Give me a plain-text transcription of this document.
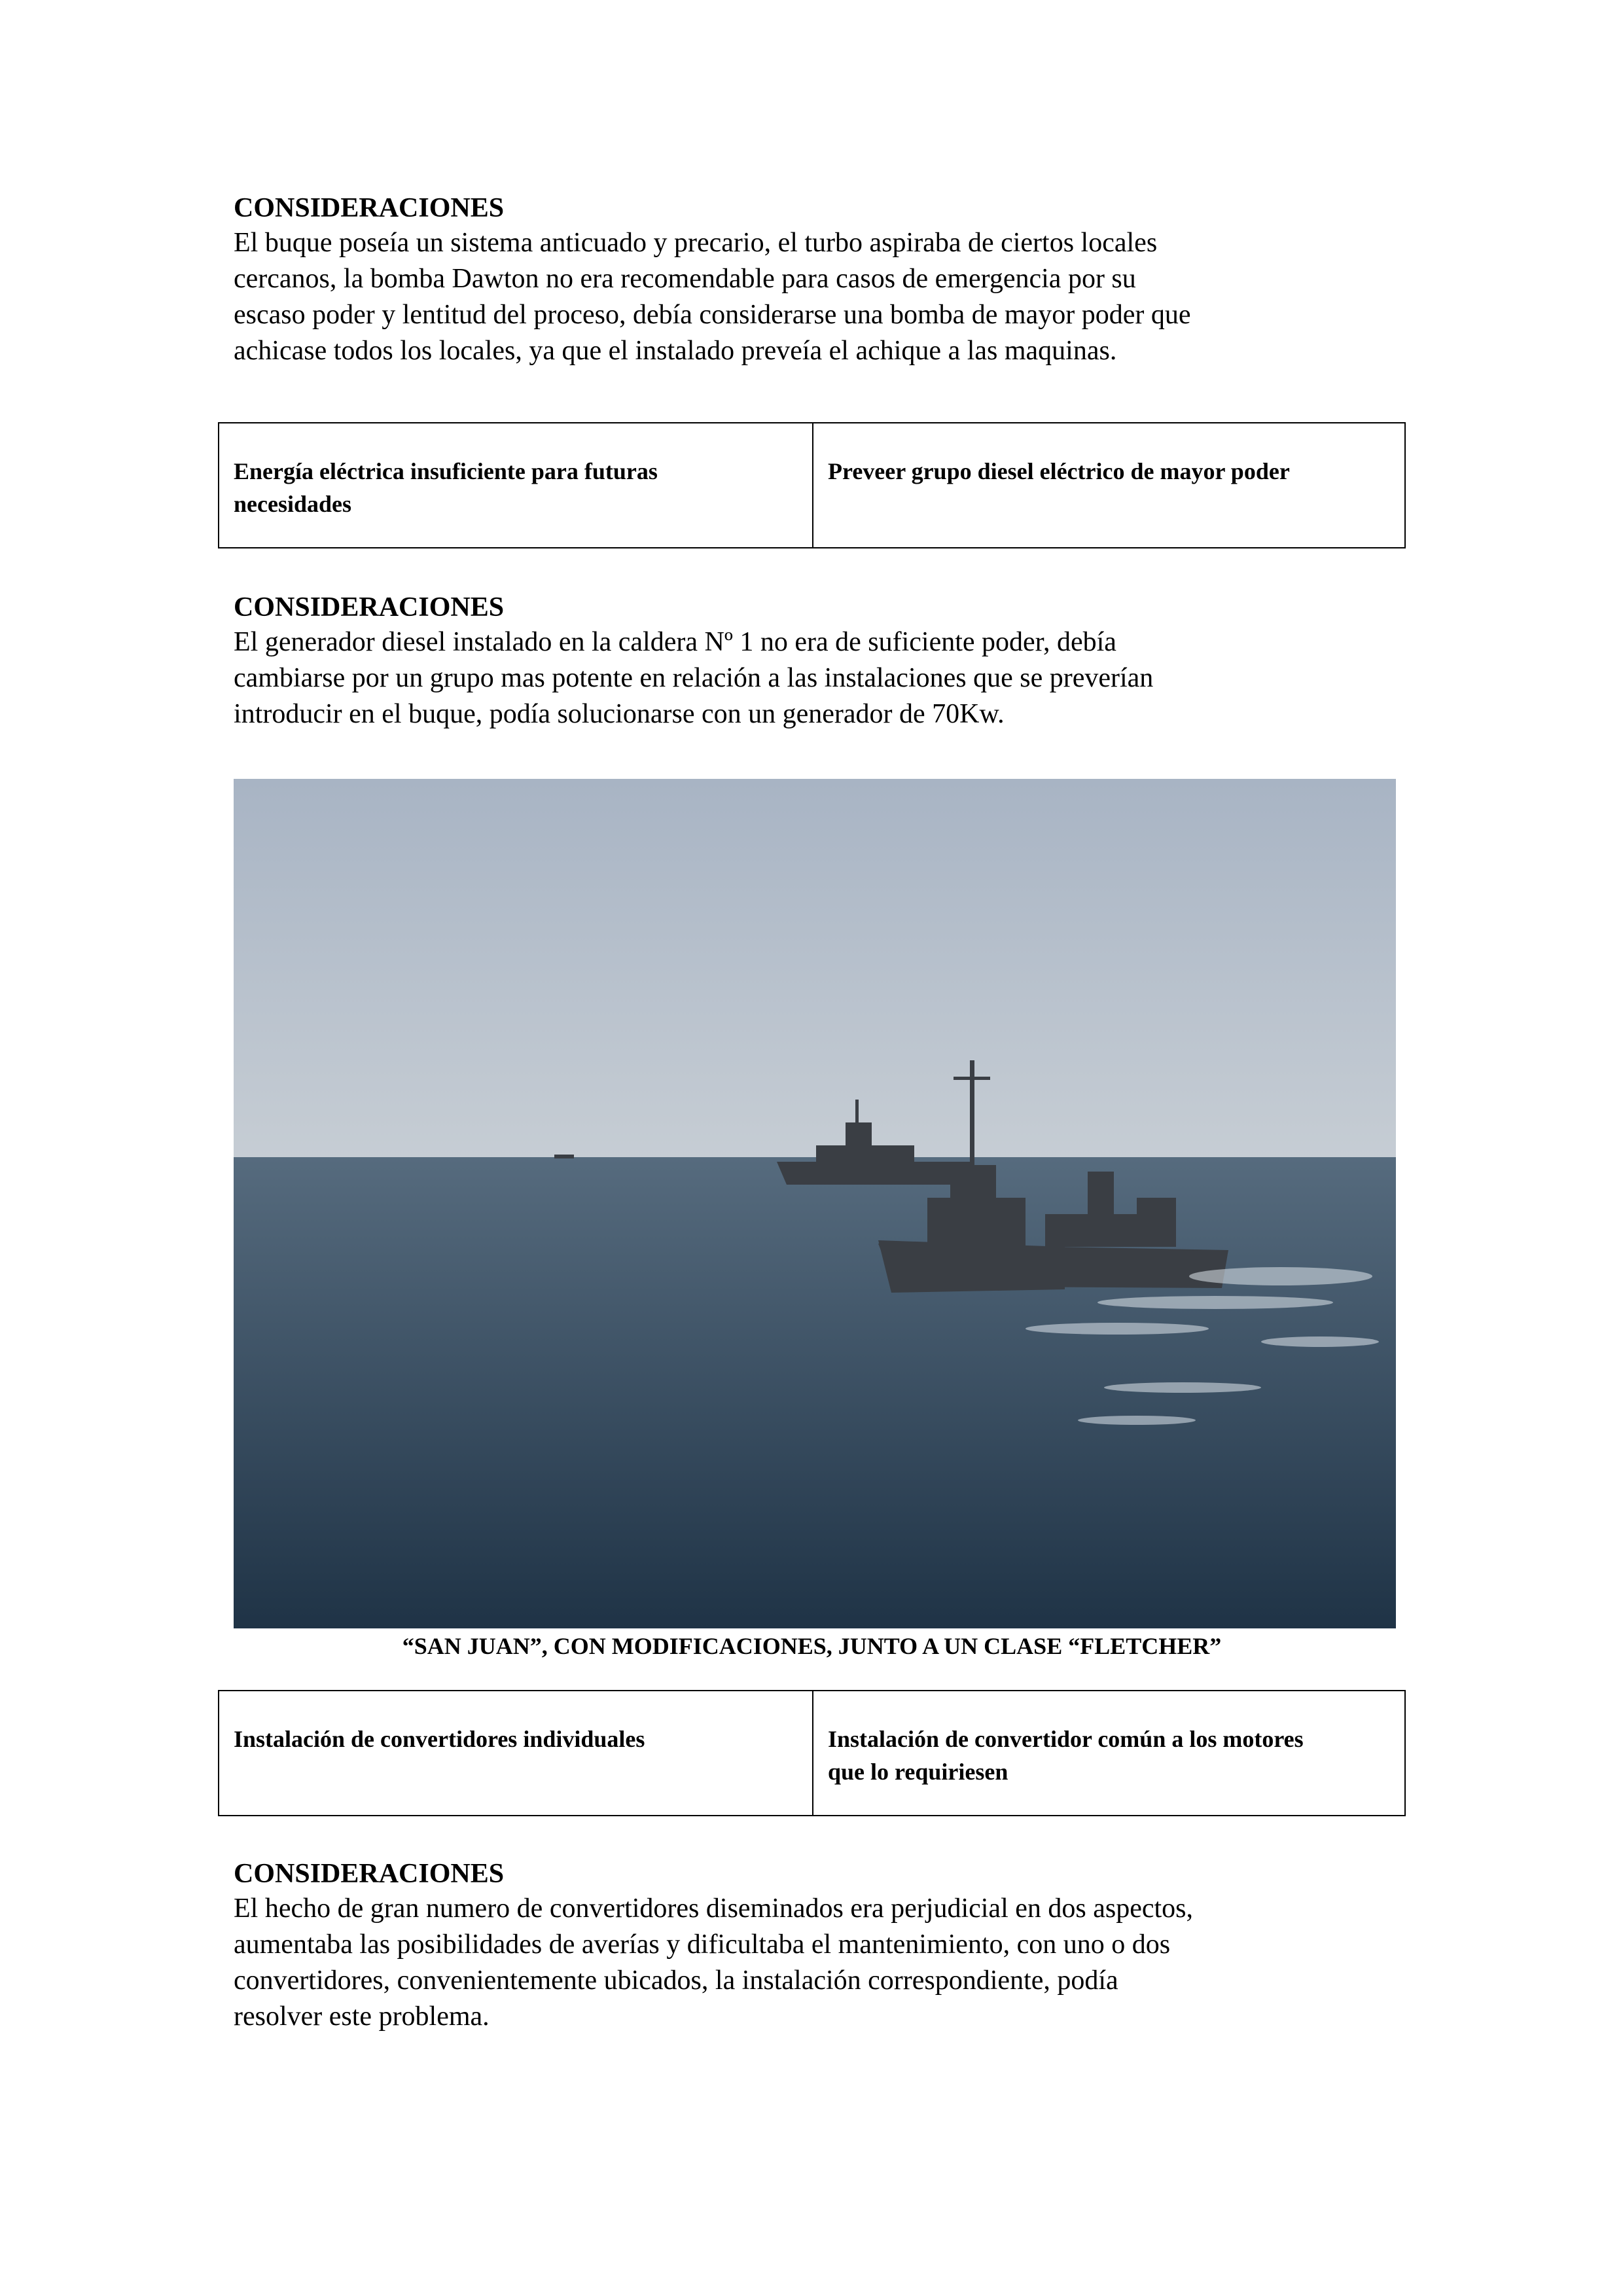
CONSIDERACIONES

El buque poseía un sistema anticuado y precario, el turbo aspiraba de ciertos locales

cercanos, la bomba Dawton no era recomendable para casos de emergencia por su

escaso poder y lentitud del proceso, debía considerarse una bomba de mayor poder que

achicase todos los locales, ya que el instalado preveía el achique a las maquinas.

Energía eléctrica insuficiente para futuras
necesidades
Preveer grupo diesel eléctrico de mayor poder

CONSIDERACIONES

El generador diesel instalado en la caldera Nº 1 no era de suficiente poder, debía

cambiarse por un grupo mas potente en relación a las instalaciones que se preverían

introducir en el buque, podía solucionarse con un generador de 70Kw.

“SAN JUAN”, CON MODIFICACIONES, JUNTO A UN CLASE “FLETCHER”
Instalación de convertidores individuales	Instalación de convertidor común a los motores
que lo requiriesen

CONSIDERACIONES

El hecho de gran numero de convertidores diseminados era perjudicial en dos aspectos,

aumentaba las posibilidades de averías y dificultaba el mantenimiento, con uno o dos

convertidores, convenientemente ubicados, la instalación correspondiente, podía

resolver este problema.
